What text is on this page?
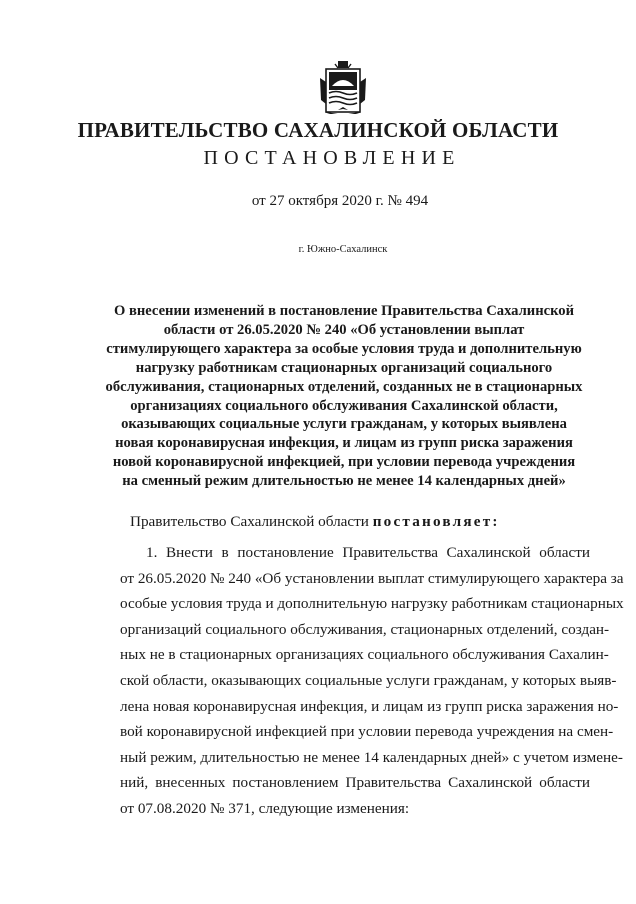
ПРАВИТЕЛЬСТВО САХАЛИНСКОЙ ОБЛАСТИ
ПОСТАНОВЛЕНИЕ
от 27 октября 2020 г. № 494
г. Южно-Сахалинск
О внесении изменений в постановление Правительства Сахалинской
области от 26.05.2020 № 240 «Об установлении выплат
стимулирующего характера за особые условия труда и дополнительную
нагрузку работникам стационарных организаций социального
обслуживания, стационарных отделений, созданных не в стационарных
организациях социального обслуживания Сахалинской области,
оказывающих социальные услуги гражданам, у которых выявлена
новая коронавирусная инфекция, и лицам из групп риска заражения
новой коронавирусной инфекцией, при условии перевода учреждения
на сменный режим длительностью не менее 14 календарных дней»
Правительство Сахалинской области постановляет:
1. Внести в постановление Правительства Сахалинской области
от 26.05.2020 № 240 «Об установлении выплат стимулирующего характера за
особые условия труда и дополнительную нагрузку работникам стационарных
организаций социального обслуживания, стационарных отделений, создан-
ных не в стационарных организациях социального обслуживания Сахалин-
ской области, оказывающих социальные услуги гражданам, у которых выяв-
лена новая коронавирусная инфекция, и лицам из групп риска заражения но-
вой коронавирусной инфекцией при условии перевода учреждения на смен-
ный режим, длительностью не менее 14 календарных дней» с учетом измене-
ний, внесенных постановлением Правительства Сахалинской области
от 07.08.2020 № 371, следующие изменения:
